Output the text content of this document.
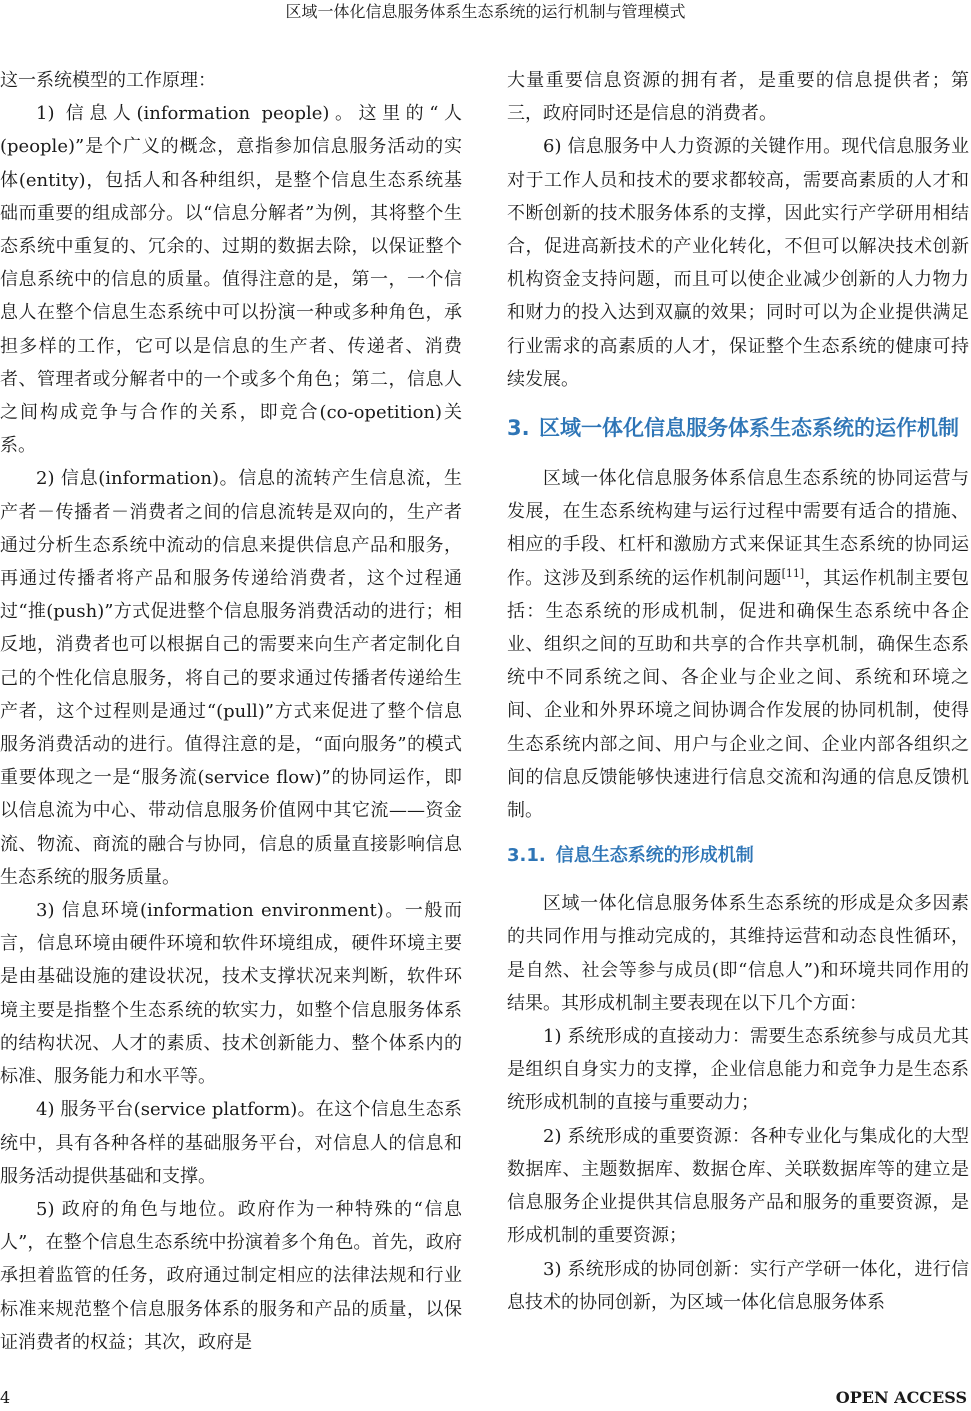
区域一体化信息服务体系生态系统的运行机制与管理模式

这一系统模型的工作原理：

1) 信息人(information people)。这里的“人(people)”是个广义的概念，意指参加信息服务活动的实体(entity)，包括人和各种组织，是整个信息生态系统基础而重要的组成部分。以“信息分解者”为例，其将整个生态系统中重复的、冗余的、过期的数据去除，以保证整个信息系统中的信息的质量。值得注意的是，第一，一个信息人在整个信息生态系统中可以扮演一种或多种角色，承担多样的工作，它可以是信息的生产者、传递者、消费者、管理者或分解者中的一个或多个角色；第二，信息人之间构成竞争与合作的关系，即竞合(co-opetition)关系。

2) 信息(information)。信息的流转产生信息流，生产者－传播者－消费者之间的信息流转是双向的，生产者通过分析生态系统中流动的信息来提供信息产品和服务，再通过传播者将产品和服务传递给消费者，这个过程通过“推(push)”方式促进整个信息服务消费活动的进行；相反地，消费者也可以根据自己的需要来向生产者定制化自己的个性化信息服务，将自己的要求通过传播者传递给生产者，这个过程则是通过“(pull)”方式来促进了整个信息服务消费活动的进行。值得注意的是，“面向服务”的模式重要体现之一是“服务流(service flow)”的协同运作，即以信息流为中心、带动信息服务价值网中其它流——资金流、物流、商流的融合与协同，信息的质量直接影响信息生态系统的服务质量。

3) 信息环境(information environment)。一般而言，信息环境由硬件环境和软件环境组成，硬件环境主要是由基础设施的建设状况，技术支撑状况来判断，软件环境主要是指整个生态系统的软实力，如整个信息服务体系的结构状况、人才的素质、技术创新能力、整个体系内的标准、服务能力和水平等。

4) 服务平台(service platform)。在这个信息生态系统中，具有各种各样的基础服务平台，对信息人的信息和服务活动提供基础和支撑。

5) 政府的角色与地位。政府作为一种特殊的“信息人”，在整个信息生态系统中扮演着多个角色。首先，政府承担着监管的任务，政府通过制定相应的法律法规和行业标准来规范整个信息服务体系的服务和产品的质量，以保证消费者的权益；其次，政府是

大量重要信息资源的拥有者，是重要的信息提供者；第三，政府同时还是信息的消费者。

6) 信息服务中人力资源的关键作用。现代信息服务业对于工作人员和技术的要求都较高，需要高素质的人才和不断创新的技术服务体系的支撑，因此实行产学研用相结合，促进高新技术的产业化转化，不但可以解决技术创新机构资金支持问题，而且可以使企业减少创新的人力物力和财力的投入达到双赢的效果；同时可以为企业提供满足行业需求的高素质的人才，保证整个生态系统的健康可持续发展。

3. 区域一体化信息服务体系生态系统的运作机制

区域一体化信息服务体系信息生态系统的协同运营与发展，在生态系统构建与运行过程中需要有适合的措施、相应的手段、杠杆和激励方式来保证其生态系统的协同运作。这涉及到系统的运作机制问题[11]，其运作机制主要包括：生态系统的形成机制，促进和确保生态系统中各企业、组织之间的互助和共享的合作共享机制，确保生态系统中不同系统之间、各企业与企业之间、系统和环境之间、企业和外界环境之间协调合作发展的协同机制，使得生态系统内部之间、用户与企业之间、企业内部各组织之间的信息反馈能够快速进行信息交流和沟通的信息反馈机制。

3.1. 信息生态系统的形成机制

区域一体化信息服务体系生态系统的形成是众多因素的共同作用与推动完成的，其维持运营和动态良性循环，是自然、社会等参与成员(即“信息人”)和环境共同作用的结果。其形成机制主要表现在以下几个方面：

1) 系统形成的直接动力：需要生态系统参与成员尤其是组织自身实力的支撑，企业信息能力和竞争力是生态系统形成机制的直接与重要动力；

2) 系统形成的重要资源：各种专业化与集成化的大型数据库、主题数据库、数据仓库、关联数据库等的建立是信息服务企业提供其信息服务产品和服务的重要资源，是形成机制的重要资源；

3) 系统形成的协同创新：实行产学研一体化，进行信息技术的协同创新，为区域一体化信息服务体系

4	OPEN ACCESS
